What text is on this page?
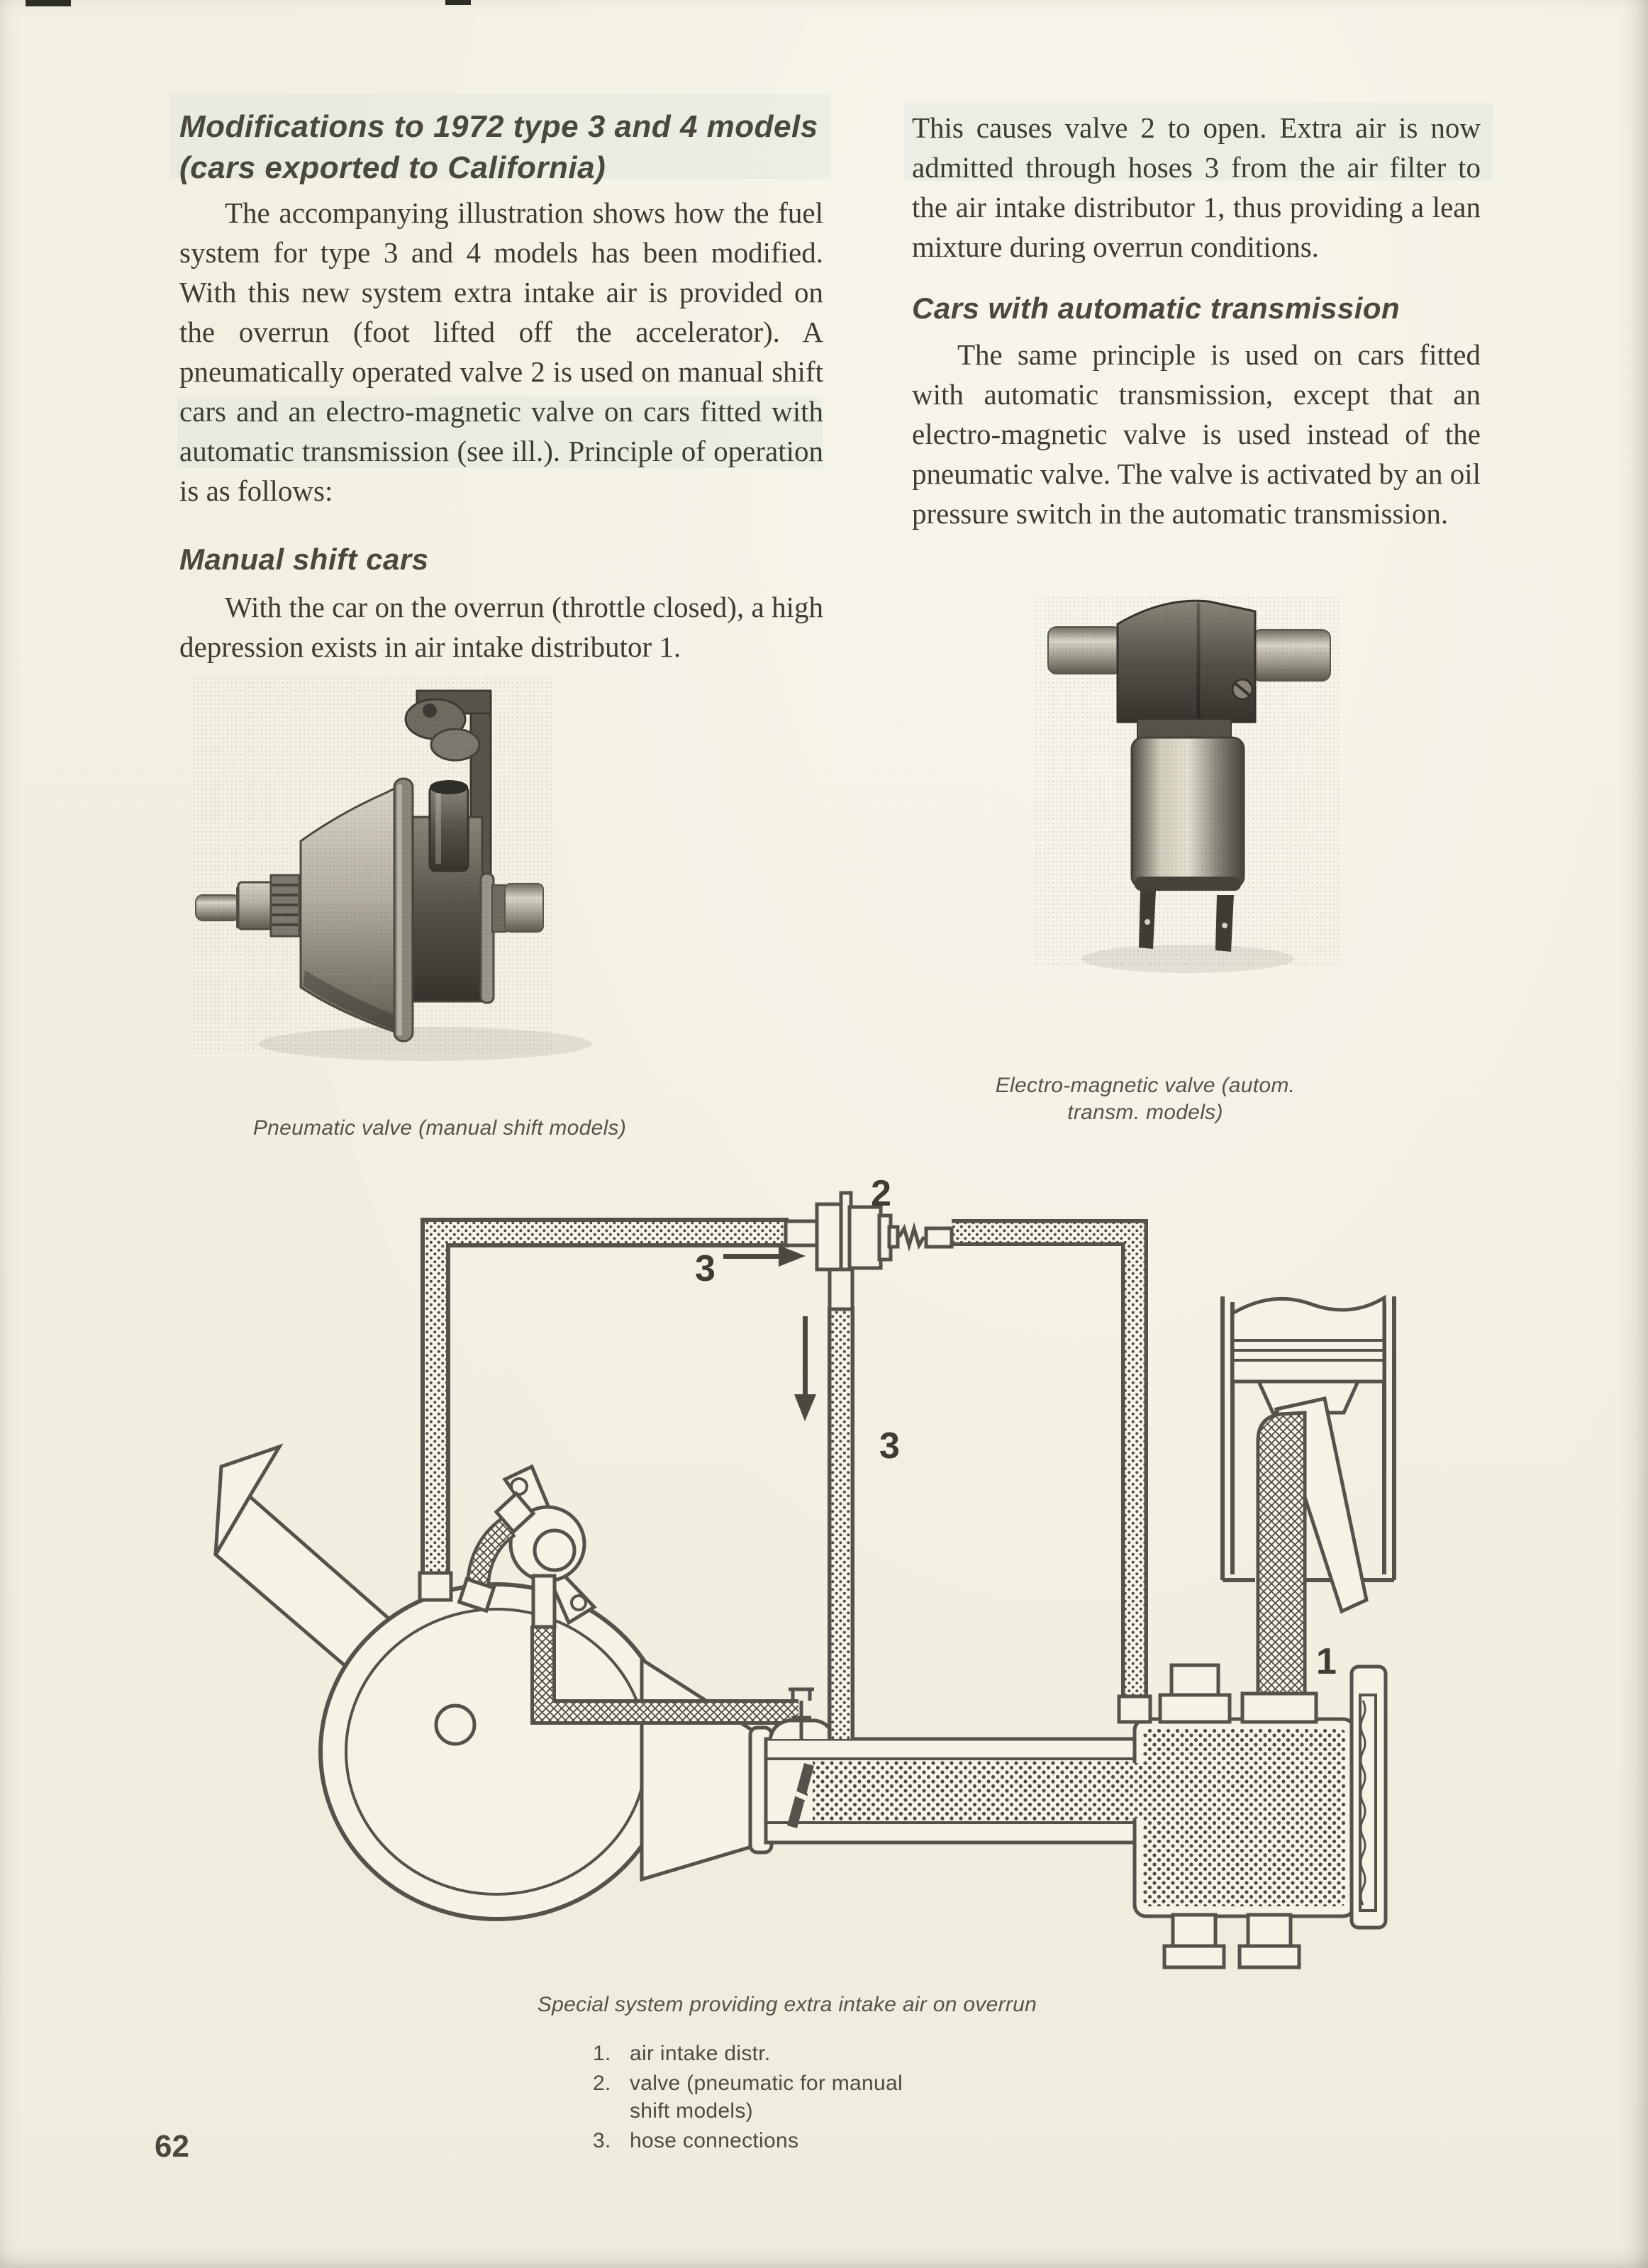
3
2
3
1
Modifications to 1972 type 3 and 4 models (cars exported to California)
The accompanying illustration shows how the fuel system for type 3 and 4 models has been modified. With this new system extra intake air is provided on the overrun (foot lifted off the accelerator). A pneumatically operated valve 2 is used on manual shift cars and an electro-magnetic valve on cars fitted with automatic transmission (see ill.). Principle of operation is as follows:
Manual shift cars
With the car on the overrun (throttle closed), a high depression exists in air intake distributor 1.
This causes valve 2 to open. Extra air is now admitted through hoses 3 from the air filter to the air intake distributor 1, thus providing a lean mixture during overrun conditions.
Cars with automatic transmission
The same principle is used on cars fitted with automatic transmission, except that an electro-magnetic valve is used instead of the pneumatic valve. The valve is activated by an oil pressure switch in the automatic transmission.
Pneumatic valve (manual shift models)
Electro-magnetic valve (autom. transm. models)
Special system providing extra intake air on overrun
1. air intake distr.
2. valve (pneumatic for manual shift models)
3. hose connections
62
